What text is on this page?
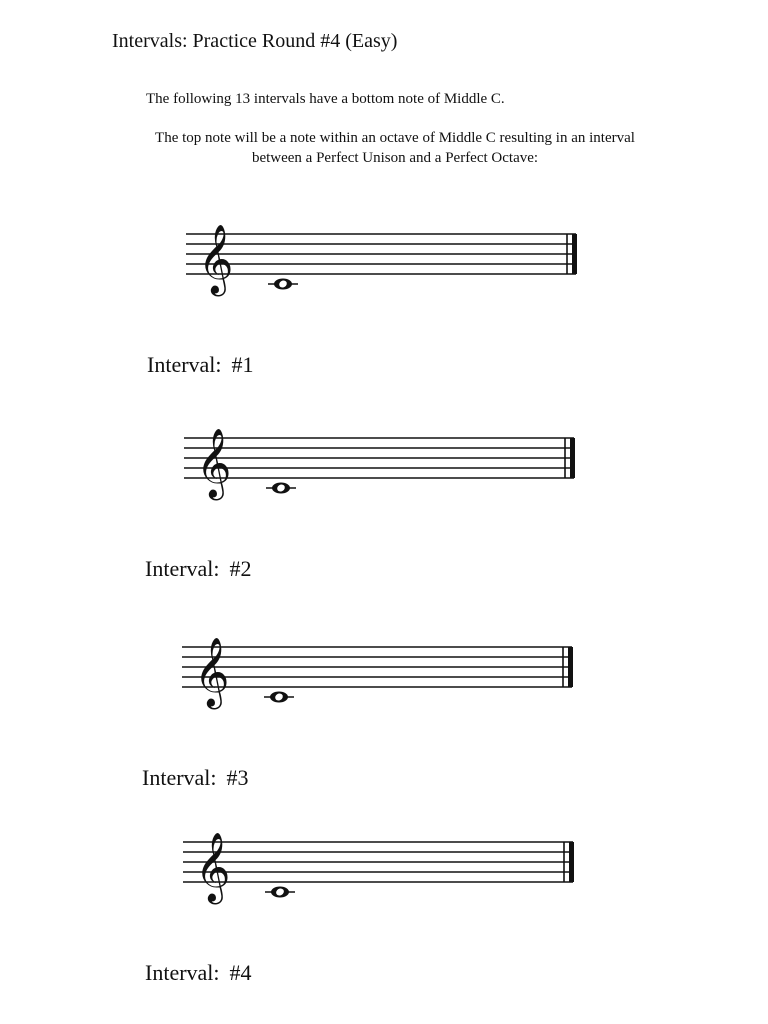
Intervals: Practice Round #4 (Easy)
The following 13 intervals have a bottom note of Middle C.
The top note will be a note within an octave of Middle C resulting in an interval between a Perfect Unison and a Perfect Octave:
𝄞
Interval: #1
𝄞
Interval: #2
𝄞
Interval: #3
𝄞
Interval: #4
